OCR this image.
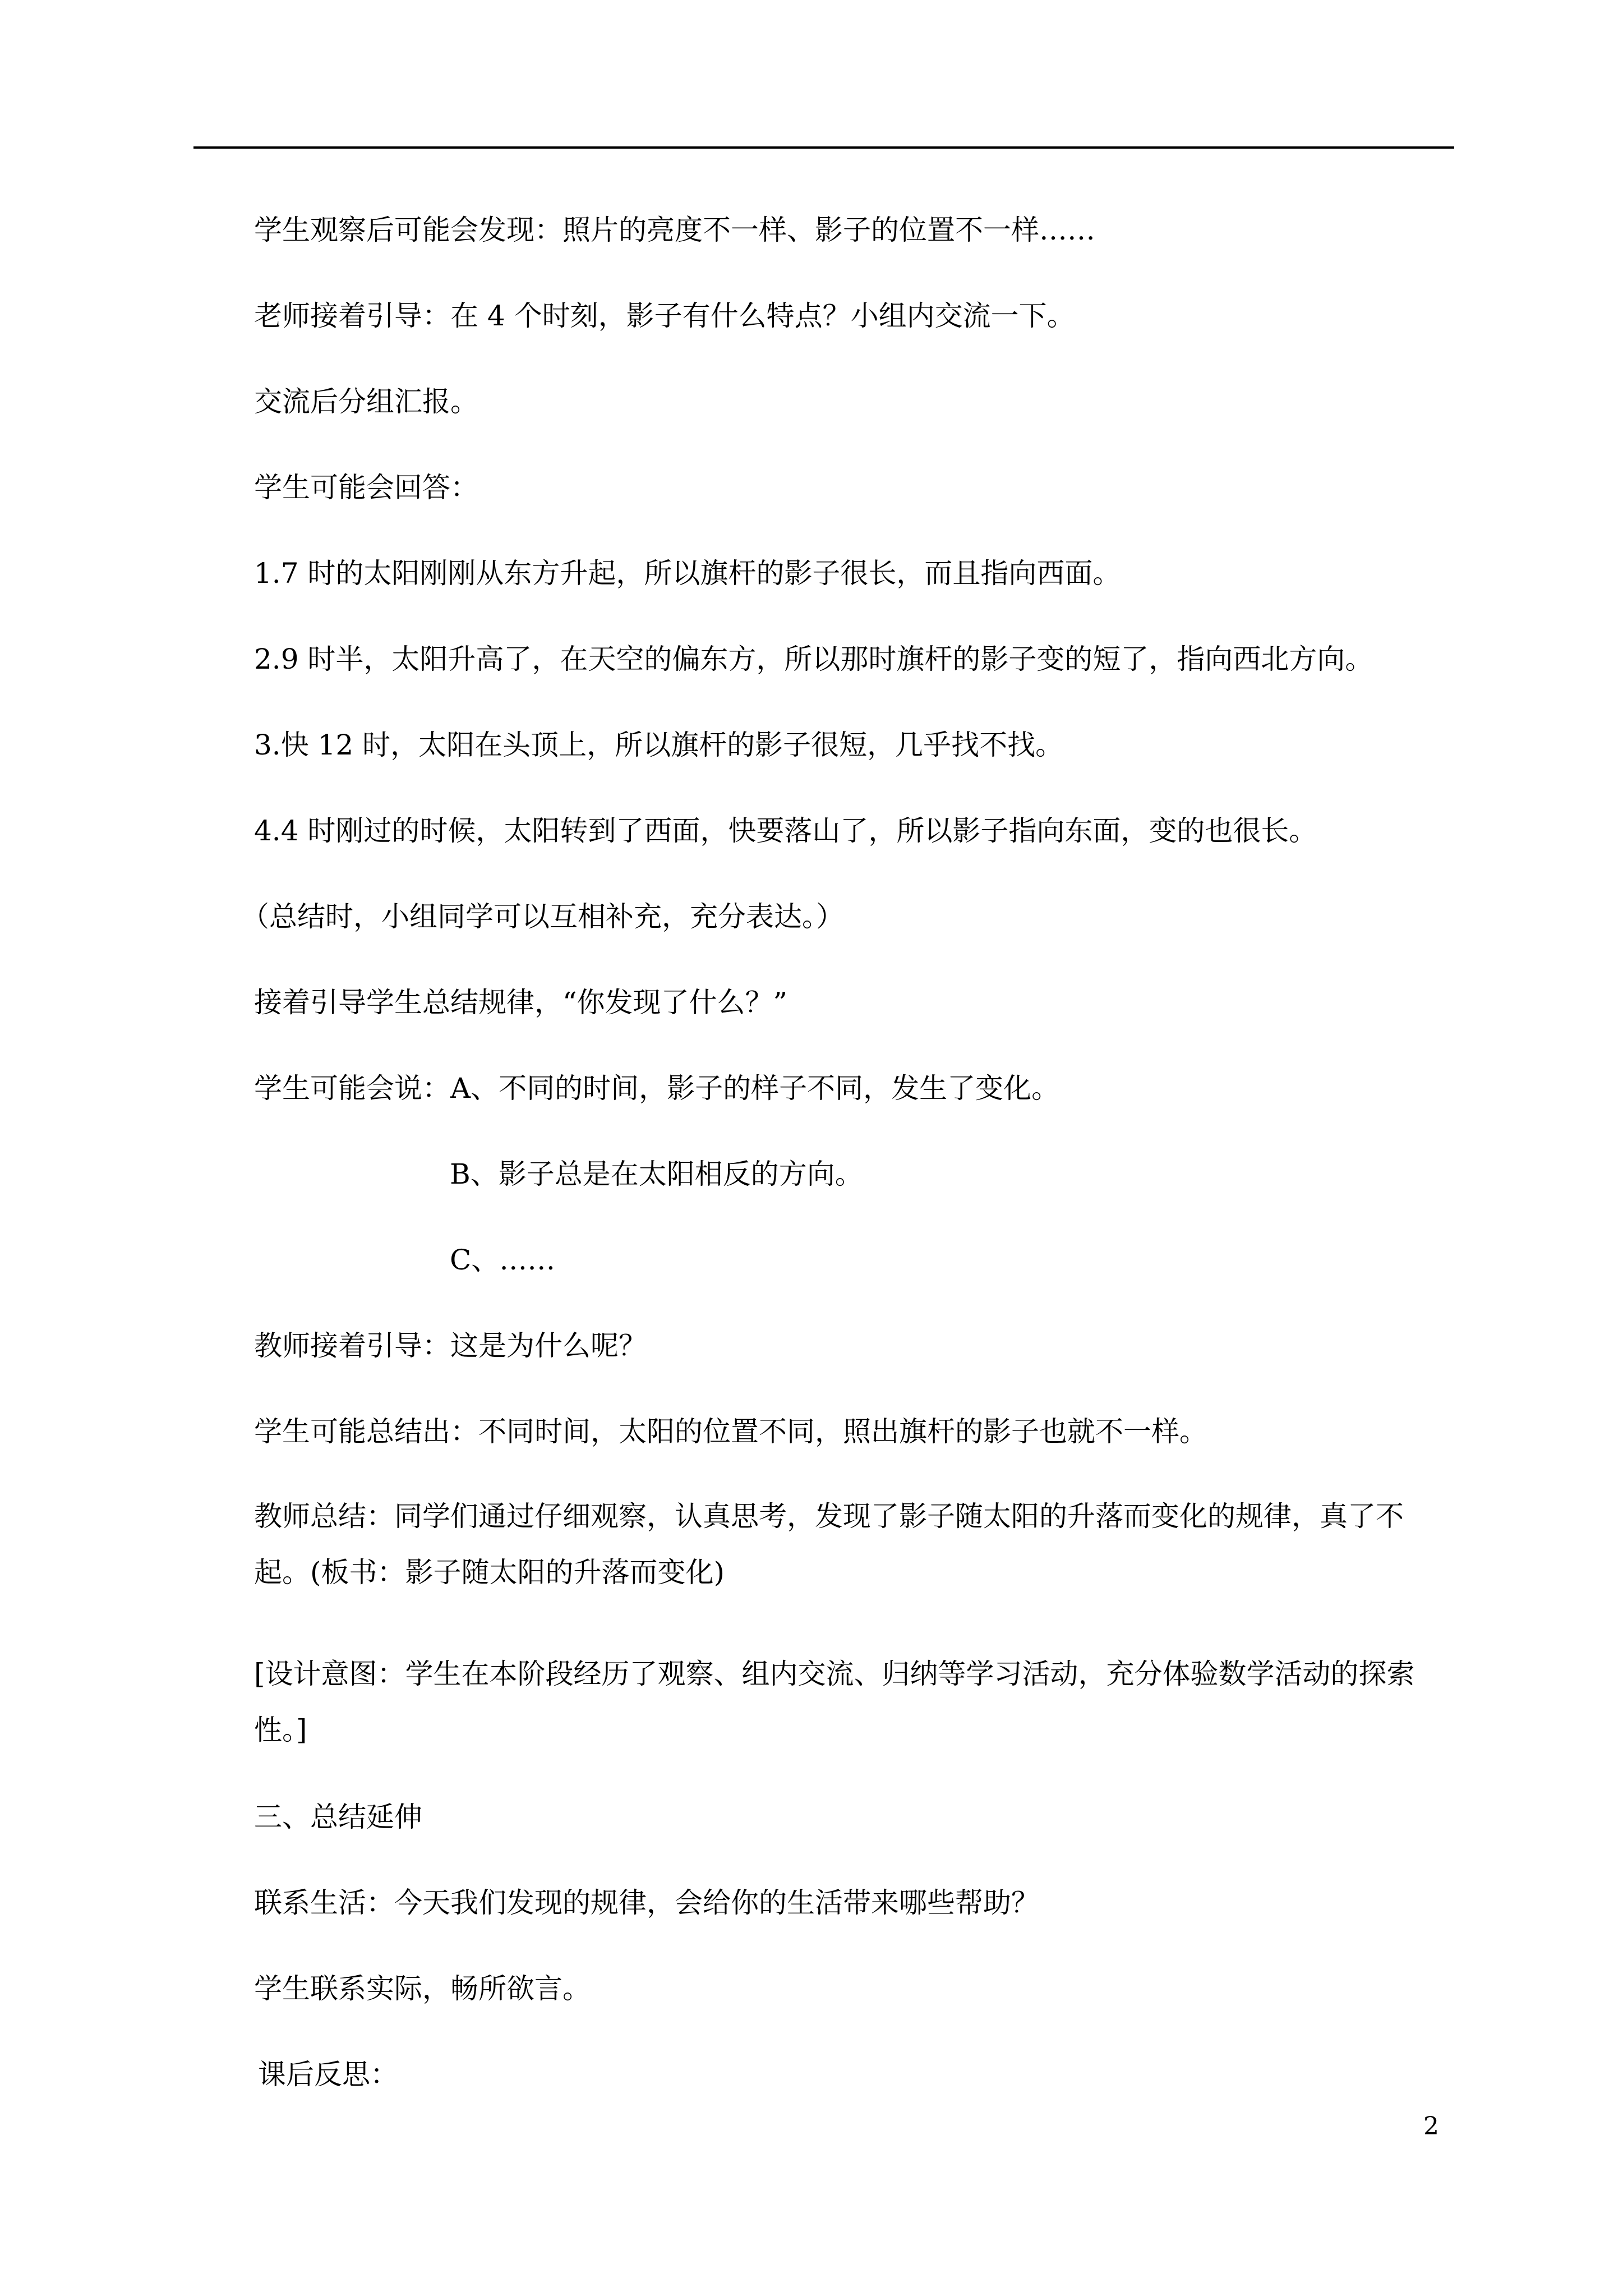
学生观察后可能会发现：照片的亮度不一样、影子的位置不一样……
老师接着引导：在 4 个时刻，影子有什么特点？小组内交流一下。
交流后分组汇报。
学生可能会回答：
1.7 时的太阳刚刚从东方升起，所以旗杆的影子很长，而且指向西面。
2.9 时半，太阳升高了，在天空的偏东方，所以那时旗杆的影子变的短了，指向西北方向。
3.快 12 时，太阳在头顶上，所以旗杆的影子很短，几乎找不找。
4.4 时刚过的时候，太阳转到了西面，快要落山了，所以影子指向东面，变的也很长。
（总结时，小组同学可以互相补充，充分表达。）
接着引导学生总结规律，“你发现了什么？”
学生可能会说：A、不同的时间，影子的样子不同，发生了变化。
B、影子总是在太阳相反的方向。
C、……
教师接着引导：这是为什么呢？
学生可能总结出：不同时间，太阳的位置不同，照出旗杆的影子也就不一样。
教师总结：同学们通过仔细观察，认真思考，发现了影子随太阳的升落而变化的规律，真了不起。(板书：影子随太阳的升落而变化)
[设计意图：学生在本阶段经历了观察、组内交流、归纳等学习活动，充分体验数学活动的探索性。]
三、总结延伸
联系生活：今天我们发现的规律，会给你的生活带来哪些帮助？
学生联系实际，畅所欲言。
课后反思：
2
